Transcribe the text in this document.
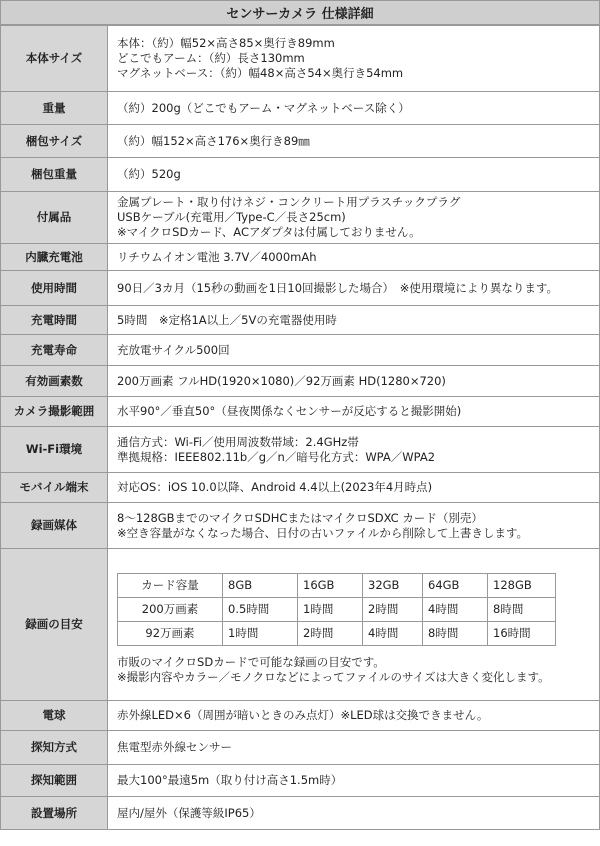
センサーカメラ 仕様詳細
本体サイズ	
本体：（約）幅52×高さ85×奥行き89mm
どこでもアーム：（約）長さ130mm
マグネットベース：（約）幅48×高さ54×奥行き54mm

重量	（約）200g（どこでもアーム・マグネットベース除く）

梱包サイズ	（約）幅152×高さ176×奥行き89㎜

梱包重量	（約）520g

付属品	
金属プレート・取り付けネジ・コンクリート用プラスチックプラグ
USBケーブル(充電用／Type-C／長さ25cm)
※マイクロSDカード、ACアダプタは付属しておりません。

内臓充電池	リチウムイオン電池 3.7V／4000mAh

使用時間	90日／3カ月（15秒の動画を1日10回撮影した場合）　※使用環境により異なります。

充電時間	5時間　※定格1A以上／5Vの充電器使用時

充電寿命	充放電サイクル500回

有効画素数	200万画素 フルHD(1920×1080)／92万画素 HD(1280×720)

カメラ撮影範囲	水平90°／垂直50°（昼夜関係なくセンサーが反応すると撮影開始)

Wi-Fi環境	
通信方式：Wi-Fi／使用周波数帯域：2.4GHz帯
準拠規格：IEEE802.11b／g／n／暗号化方式：WPA／WPA2

モバイル端末	対応OS：iOS 10.0以降、Android 4.4以上(2023年4月時点)

録画媒体	
8～128GBまでのマイクロSDHCまたはマイクロSDXC カード（別売）
※空き容量がなくなった場合、日付の古いファイルから削除して上書きします。

録画の目安	
カード容量	8GB	16GB	32GB	64GB	128GB
200万画素	0.5時間	1時間	2時間	4時間	8時間
92万画素	1時間	2時間	4時間	8時間	16時間
市販のマイクロSDカードで可能な録画の目安です。
※撮影内容やカラー／モノクロなどによってファイルのサイズは大きく変化します。

電球	赤外線LED×6（周囲が暗いときのみ点灯）※LED球は交換できません。

探知方式	焦電型赤外線センサー

探知範囲	最大100°最遠5m（取り付け高さ1.5m時）

設置場所	屋内/屋外（保護等級IP65）
